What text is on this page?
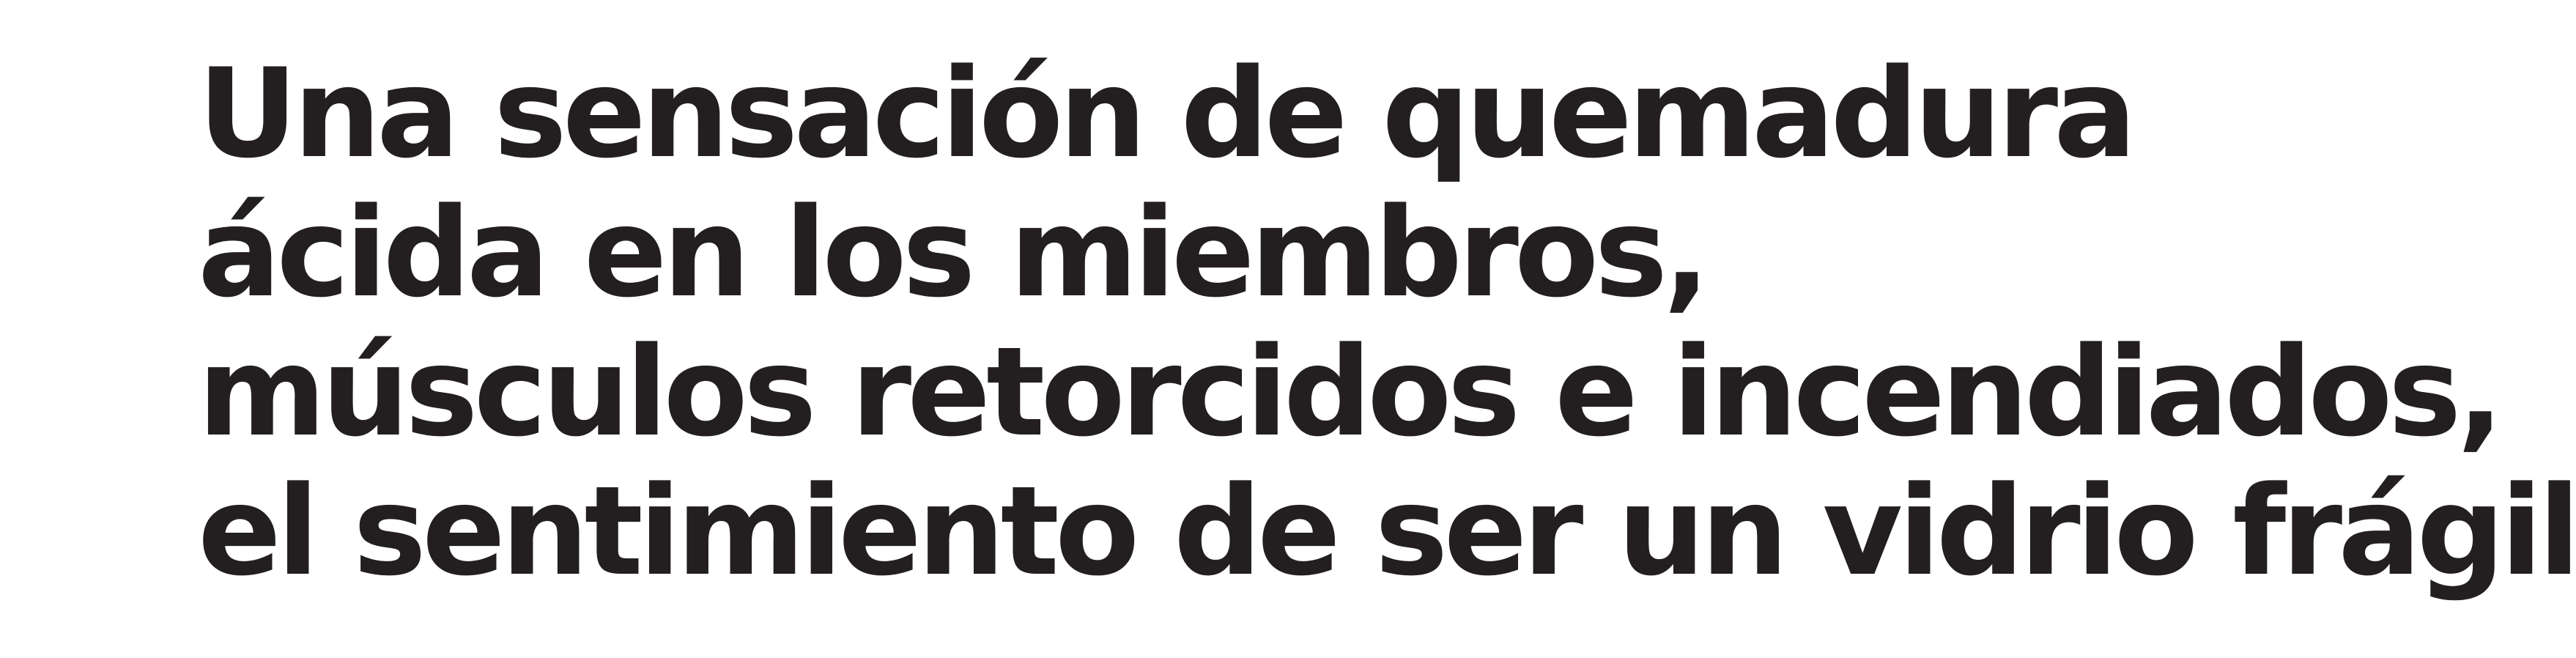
Una sensación de quemadura
ácida en los miembros,
músculos retorcidos e incendiados,
el sentimiento de ser un vidrio frágil
